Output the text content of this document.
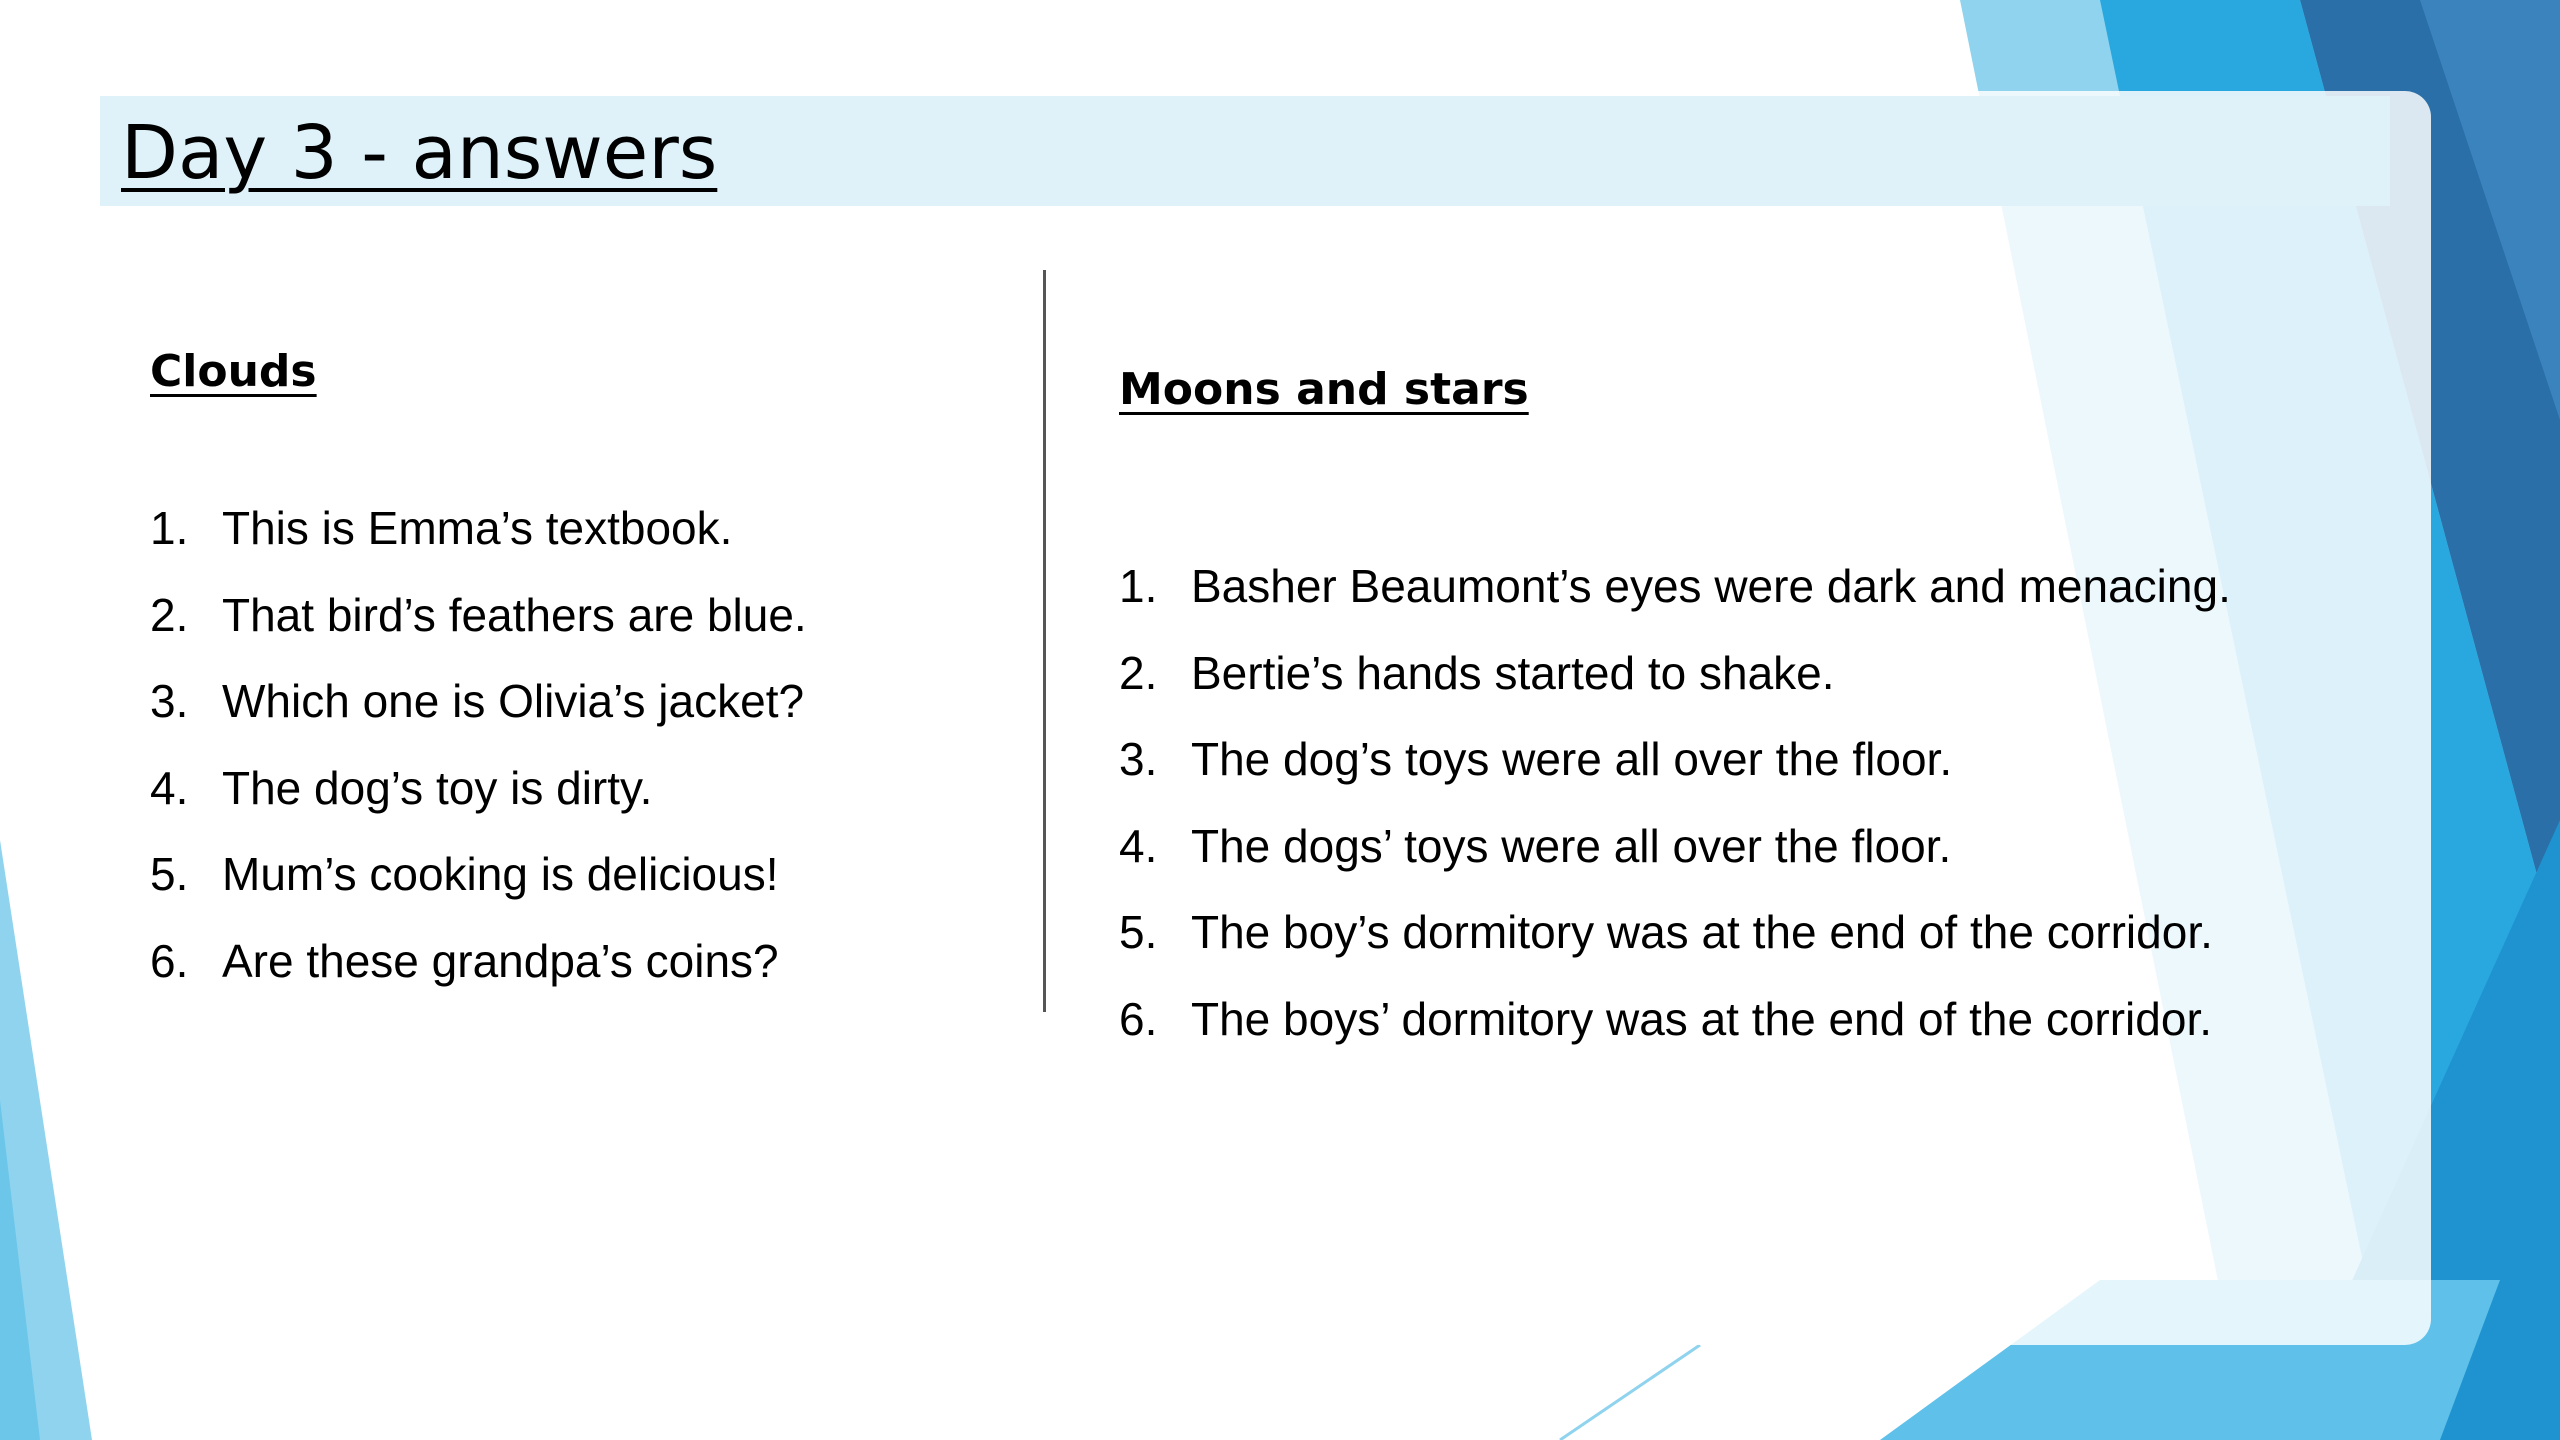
Day 3 - answers
Clouds
1. This is Emma’s textbook.
2. That bird’s feathers are blue.
3. Which one is Olivia’s jacket?
4. The dog’s toy is dirty.
5. Mum’s cooking is delicious!
6. Are these grandpa’s coins?
Moons and stars
1. Basher Beaumont’s eyes were dark and menacing.
2. Bertie’s hands started to shake.
3. The dog’s toys were all over the floor.
4. The dogs’ toys were all over the floor.
5. The boy’s dormitory was at the end of the corridor.
6. The boys’ dormitory was at the end of the corridor.
